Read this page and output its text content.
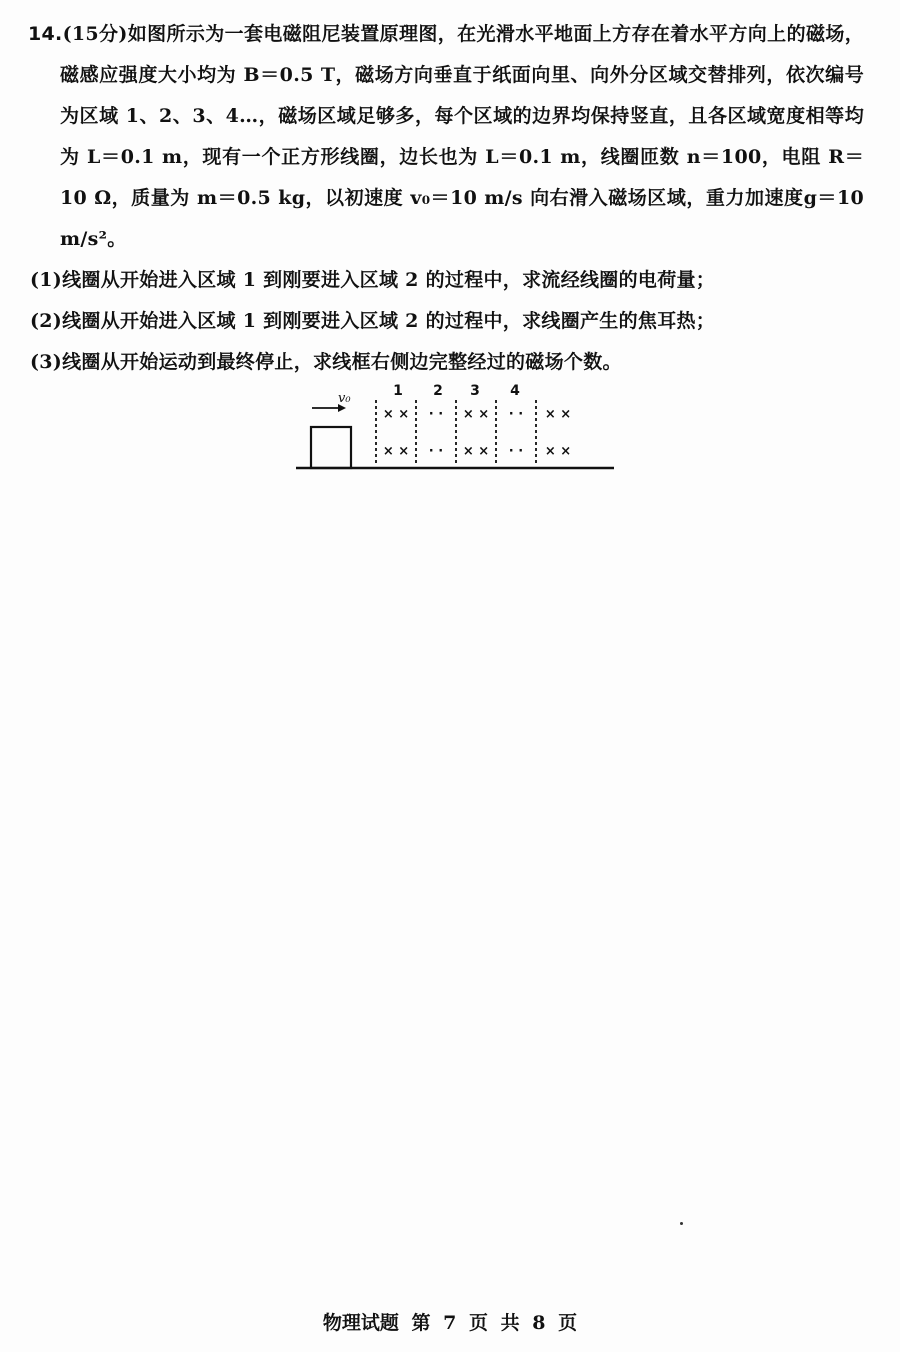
14.(15分)如图所示为一套电磁阻尼装置原理图，在光滑水平地面上方存在着水平方向上的磁场，磁感应强度大小均为 B＝0.5 T，磁场方向垂直于纸面向里、向外分区域交替排列，依次编号为区域 1、2、3、4…，磁场区域足够多，每个区域的边界均保持竖直，且各区域宽度相等均为 L＝0.1 m，现有一个正方形线圈，边长也为 L＝0.1 m，线圈匝数 n＝100，电阻 R＝10 Ω，质量为 m＝0.5 kg，以初速度 v₀＝10 m/s 向右滑入磁场区域，重力加速度g＝10 m/s²。

(1)线圈从开始进入区域 1 到刚要进入区域 2 的过程中，求流经线圈的电荷量；

(2)线圈从开始进入区域 1 到刚要进入区域 2 的过程中，求线圈产生的焦耳热；

(3)线圈从开始运动到最终停止，求线框右侧边完整经过的磁场个数。

v₀	1 2 3 4
× × · · × × · · × ×
× × · · × × · · × ×
物理试题 第 7 页 共 8 页
